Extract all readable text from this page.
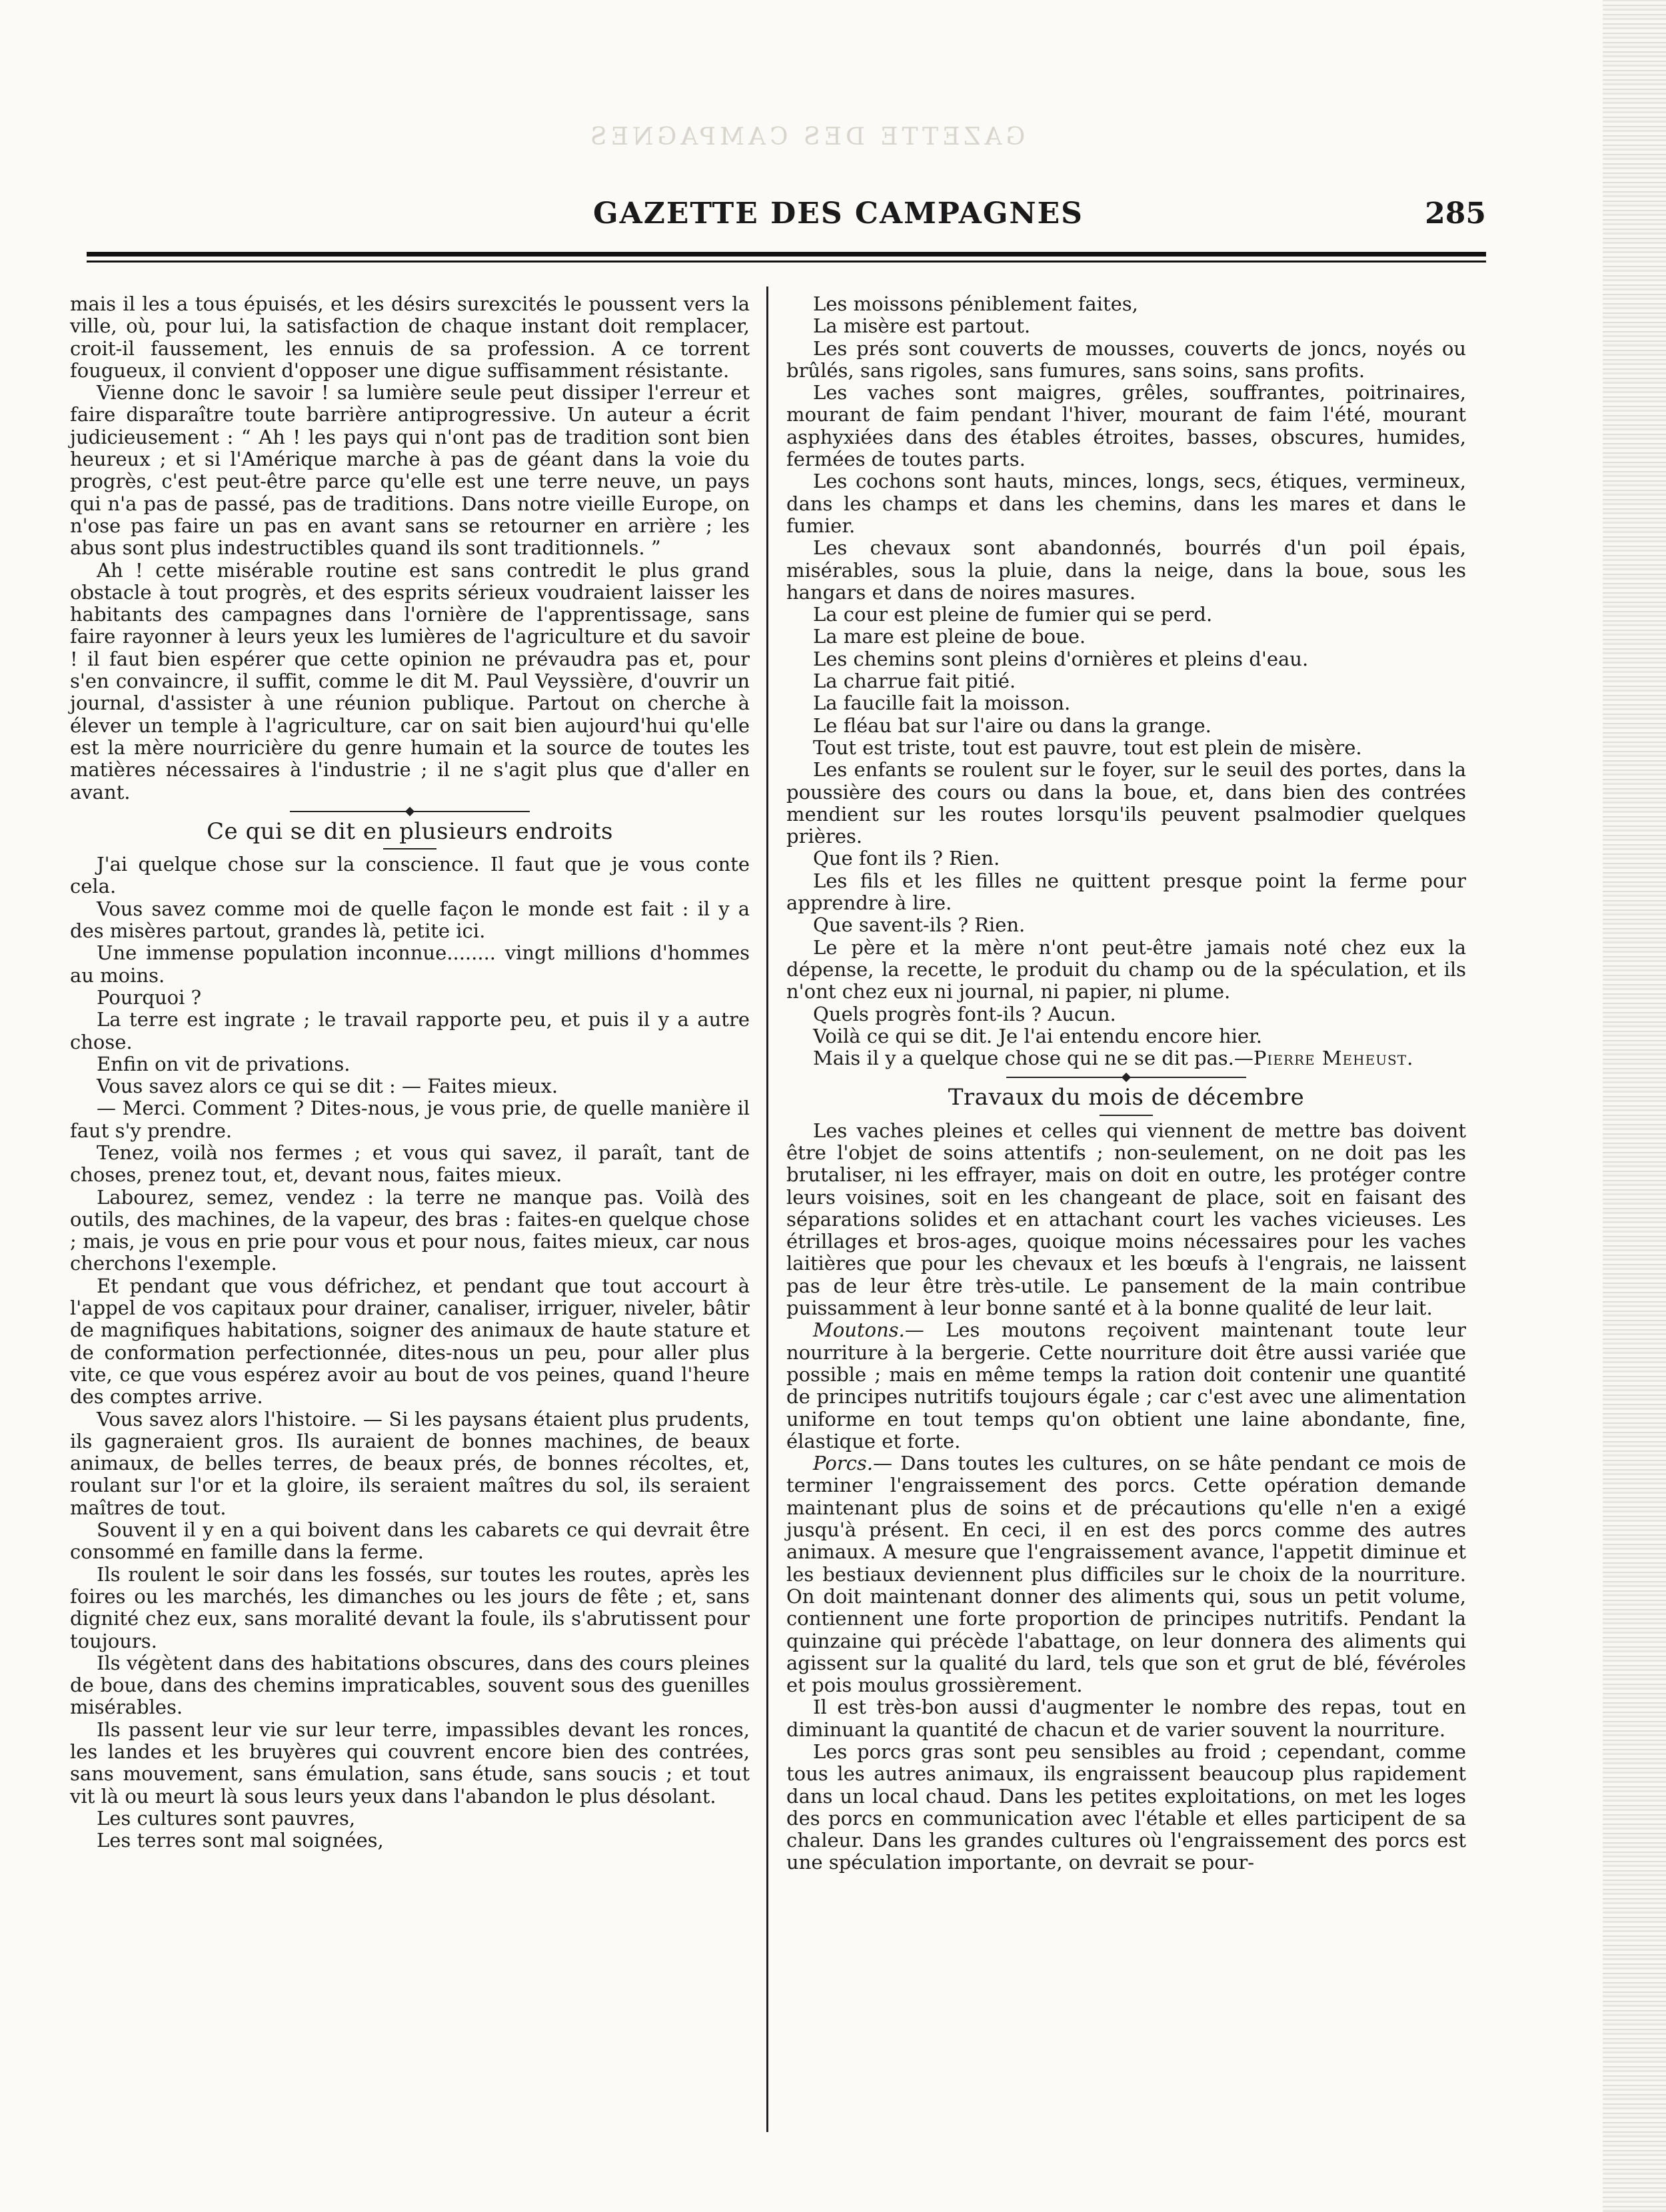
GAZETTE DES CAMPAGNES
GAZETTE DES CAMPAGNES	285

mais il les a tous épuisés, et les désirs surexcités le poussent vers la ville, où, pour lui, la satisfaction de chaque instant doit remplacer, croit-il faussement, les ennuis de sa profession. A ce torrent fougueux, il convient d'opposer une digue suffisamment résistante.

Vienne donc le savoir ! sa lumière seule peut dissiper l'erreur et faire disparaître toute barrière antiprogressive. Un auteur a écrit judicieusement : “ Ah ! les pays qui n'ont pas de tradition sont bien heureux ; et si l'Amérique marche à pas de géant dans la voie du progrès, c'est peut-être parce qu'elle est une terre neuve, un pays qui n'a pas de passé, pas de traditions. Dans notre vieille Europe, on n'ose pas faire un pas en avant sans se retourner en arrière ; les abus sont plus indestructibles quand ils sont traditionnels. ”

Ah ! cette misérable routine est sans contredit le plus grand obstacle à tout progrès, et des esprits sérieux voudraient laisser les habitants des campagnes dans l'ornière de l'apprentissage, sans faire rayonner à leurs yeux les lumières de l'agriculture et du savoir ! il faut bien espérer que cette opinion ne prévaudra pas et, pour s'en convaincre, il suffit, comme le dit M. Paul Veyssière, d'ouvrir un journal, d'assister à une réunion publique. Partout on cherche à élever un temple à l'agriculture, car on sait bien aujourd'hui qu'elle est la mère nourricière du genre humain et la source de toutes les matières nécessaires à l'industrie ; il ne s'agit plus que d'aller en avant.

Ce qui se dit en plusieurs endroits

J'ai quelque chose sur la conscience. Il faut que je vous conte cela.

Vous savez comme moi de quelle façon le monde est fait : il y a des misères partout, grandes là, petite ici.

Une immense population inconnue........ vingt millions d'hommes au moins.

Pourquoi ?

La terre est ingrate ; le travail rapporte peu, et puis il y a autre chose.

Enfin on vit de privations.

Vous savez alors ce qui se dit : — Faites mieux.

— Merci. Comment ? Dites-nous, je vous prie, de quelle manière il faut s'y prendre.

Tenez, voilà nos fermes ; et vous qui savez, il paraît, tant de choses, prenez tout, et, devant nous, faites mieux.

Labourez, semez, vendez : la terre ne manque pas. Voilà des outils, des machines, de la vapeur, des bras : faites-en quelque chose ; mais, je vous en prie pour vous et pour nous, faites mieux, car nous cherchons l'exemple.

Et pendant que vous défrichez, et pendant que tout accourt à l'appel de vos capitaux pour drainer, canaliser, irriguer, niveler, bâtir de magnifiques habitations, soigner des animaux de haute stature et de conformation perfectionnée, dites-nous un peu, pour aller plus vite, ce que vous espérez avoir au bout de vos peines, quand l'heure des comptes arrive.

Vous savez alors l'histoire. — Si les paysans étaient plus prudents, ils gagneraient gros. Ils auraient de bonnes machines, de beaux animaux, de belles terres, de beaux prés, de bonnes récoltes, et, roulant sur l'or et la gloire, ils seraient maîtres du sol, ils seraient maîtres de tout.

Souvent il y en a qui boivent dans les cabarets ce qui devrait être consommé en famille dans la ferme.

Ils roulent le soir dans les fossés, sur toutes les routes, après les foires ou les marchés, les dimanches ou les jours de fête ; et, sans dignité chez eux, sans moralité devant la foule, ils s'abrutissent pour toujours.

Ils végètent dans des habitations obscures, dans des cours pleines de boue, dans des chemins impraticables, souvent sous des guenilles misérables.

Ils passent leur vie sur leur terre, impassibles devant les ronces, les landes et les bruyères qui couvrent encore bien des contrées, sans mouvement, sans émulation, sans étude, sans soucis ; et tout vit là ou meurt là sous leurs yeux dans l'abandon le plus désolant.

Les cultures sont pauvres,

Les terres sont mal soignées,

Les moissons péniblement faites,

La misère est partout.

Les prés sont couverts de mousses, couverts de joncs, noyés ou brûlés, sans rigoles, sans fumures, sans soins, sans profits.

Les vaches sont maigres, grêles, souffrantes, poitrinaires, mourant de faim pendant l'hiver, mourant de faim l'été, mourant asphyxiées dans des étables étroites, basses, obscures, humides, fermées de toutes parts.

Les cochons sont hauts, minces, longs, secs, étiques, vermineux, dans les champs et dans les chemins, dans les mares et dans le fumier.

Les chevaux sont abandonnés, bourrés d'un poil épais, misérables, sous la pluie, dans la neige, dans la boue, sous les hangars et dans de noires masures.

La cour est pleine de fumier qui se perd.

La mare est pleine de boue.

Les chemins sont pleins d'ornières et pleins d'eau.

La charrue fait pitié.

La faucille fait la moisson.

Le fléau bat sur l'aire ou dans la grange.

Tout est triste, tout est pauvre, tout est plein de misère.

Les enfants se roulent sur le foyer, sur le seuil des portes, dans la poussière des cours ou dans la boue, et, dans bien des contrées mendient sur les routes lorsqu'ils peuvent psalmodier quelques prières.

Que font ils ? Rien.

Les fils et les filles ne quittent presque point la ferme pour apprendre à lire.

Que savent-ils ? Rien.

Le père et la mère n'ont peut-être jamais noté chez eux la dépense, la recette, le produit du champ ou de la spéculation, et ils n'ont chez eux ni journal, ni papier, ni plume.

Quels progrès font-ils ? Aucun.

Voilà ce qui se dit. Je l'ai entendu encore hier.

Mais il y a quelque chose qui ne se dit pas.—Pierre Meheust.

Travaux du mois de décembre

Les vaches pleines et celles qui viennent de mettre bas doivent être l'objet de soins attentifs ; non-seulement, on ne doit pas les brutaliser, ni les effrayer, mais on doit en outre, les protéger contre leurs voisines, soit en les changeant de place, soit en faisant des séparations solides et en attachant court les vaches vicieuses. Les étrillages et bros-ages, quoique moins nécessaires pour les vaches laitières que pour les chevaux et les bœufs à l'engrais, ne laissent pas de leur être très-utile. Le pansement de la main contribue puissamment à leur bonne santé et à la bonne qualité de leur lait.

Moutons.— Les moutons reçoivent maintenant toute leur nourriture à la bergerie. Cette nourriture doit être aussi variée que possible ; mais en même temps la ration doit contenir une quantité de principes nutritifs toujours égale ; car c'est avec une alimentation uniforme en tout temps qu'on obtient une laine abondante, fine, élastique et forte.

Porcs.— Dans toutes les cultures, on se hâte pendant ce mois de terminer l'engraissement des porcs. Cette opération demande maintenant plus de soins et de précautions qu'elle n'en a exigé jusqu'à présent. En ceci, il en est des porcs comme des autres animaux. A mesure que l'engraissement avance, l'appetit diminue et les bestiaux deviennent plus difficiles sur le choix de la nourriture. On doit maintenant donner des aliments qui, sous un petit volume, contiennent une forte proportion de principes nutritifs. Pendant la quinzaine qui précède l'abattage, on leur donnera des aliments qui agissent sur la qualité du lard, tels que son et grut de blé, févéroles et pois moulus grossièrement.

Il est très-bon aussi d'augmenter le nombre des repas, tout en diminuant la quantité de chacun et de varier souvent la nourriture.

Les porcs gras sont peu sensibles au froid ; cependant, comme tous les autres animaux, ils engraissent beaucoup plus rapidement dans un local chaud. Dans les petites exploitations, on met les loges des porcs en communication avec l'étable et elles participent de sa chaleur. Dans les grandes cultures où l'engraissement des porcs est une spéculation importante, on devrait se pour-
